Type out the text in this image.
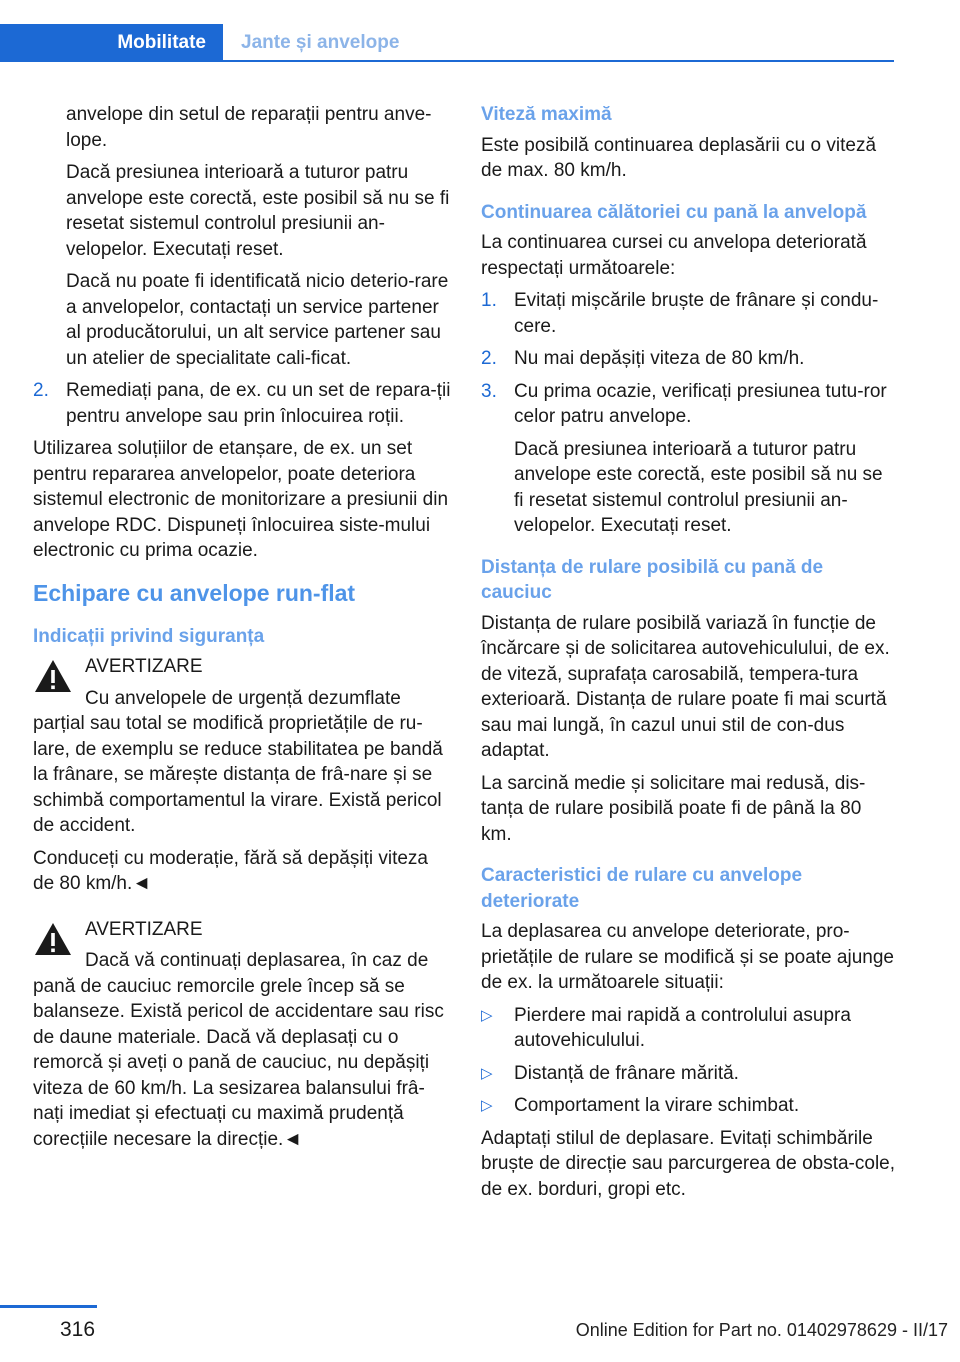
Mobilitate	Jante și anvelope

anvelope din setul de reparații pentru anve‐lope.

Dacă presiunea interioară a tuturor patru anvelope este corectă, este posibil să nu se fi resetat sistemul controlul presiunii an‐velopelor. Executați reset.

Dacă nu poate fi identificată nicio deterio‐rare a anvelopelor, contactați un service partener al producătorului, un alt service partener sau un atelier de specialitate cali‐ficat.

2. Remediați pana, de ex. cu un set de repara‐ții pentru anvelope sau prin înlocuirea roții.

Utilizarea soluțiilor de etanșare, de ex. un set pentru repararea anvelopelor, poate deteriora sistemul electronic de monitorizare a presiunii din anvelope RDC. Dispuneți înlocuirea siste‐mului electronic cu prima ocazie.

Echipare cu anvelope run-flat
Indicații privind siguranța

AVERTIZARE

Cu anvelopele de urgență dezumflate parțial sau total se modifică proprietățile de ru‐lare, de exemplu se reduce stabilitatea pe bandă la frânare, se mărește distanța de frâ‐nare și se schimbă comportamentul la virare. Există pericol de accident.

Conduceți cu moderație, fără să depășiți viteza de 80 km/h.◄

AVERTIZARE

Dacă vă continuați deplasarea, în caz de pană de cauciuc remorcile grele încep să se balanseze. Există pericol de accidentare sau risc de daune materiale. Dacă vă deplasați cu o remorcă și aveți o pană de cauciuc, nu depășiți viteza de 60 km/h. La sesizarea balansului frâ‐nați imediat și efectuați cu maximă prudență corecțiile necesare la direcție.◄

Viteză maximă

Este posibilă continuarea deplasării cu o viteză de max. 80 km/h.

Continuarea călătoriei cu pană la anvelopă

La continuarea cursei cu anvelopa deteriorată respectați următoarele:

1. Evitați mișcările bruște de frânare și condu‐cere.
2. Nu mai depășiți viteza de 80 km/h.
3. Cu prima ocazie, verificați presiunea tutu‐ror celor patru anvelope.
Dacă presiunea interioară a tuturor patru anvelope este corectă, este posibil să nu se fi resetat sistemul controlul presiunii an‐velopelor. Executați reset.
Distanța de rulare posibilă cu pană de cauciuc

Distanța de rulare posibilă variază în funcție de încărcare și de solicitarea autovehiculului, de ex. de viteză, suprafața carosabilă, tempera‐tura exterioară. Distanța de rulare poate fi mai scurtă sau mai lungă, în cazul unui stil de con‐dus adaptat.

La sarcină medie și solicitare mai redusă, dis‐tanța de rulare posibilă poate fi de până la 80 km.

Caracteristici de rulare cu anvelope deteriorate

La deplasarea cu anvelope deteriorate, pro‐prietățile de rulare se modifică și se poate ajunge de ex. la următoarele situații:

▷ Pierdere mai rapidă a controlului asupra autovehiculului.
▷ Distanță de frânare mărită.
▷ Comportament la virare schimbat.

Adaptați stilul de deplasare. Evitați schimbările bruște de direcție sau parcurgerea de obsta‐cole, de ex. borduri, gropi etc.

316	Online Edition for Part no. 01402978629 - II/17
